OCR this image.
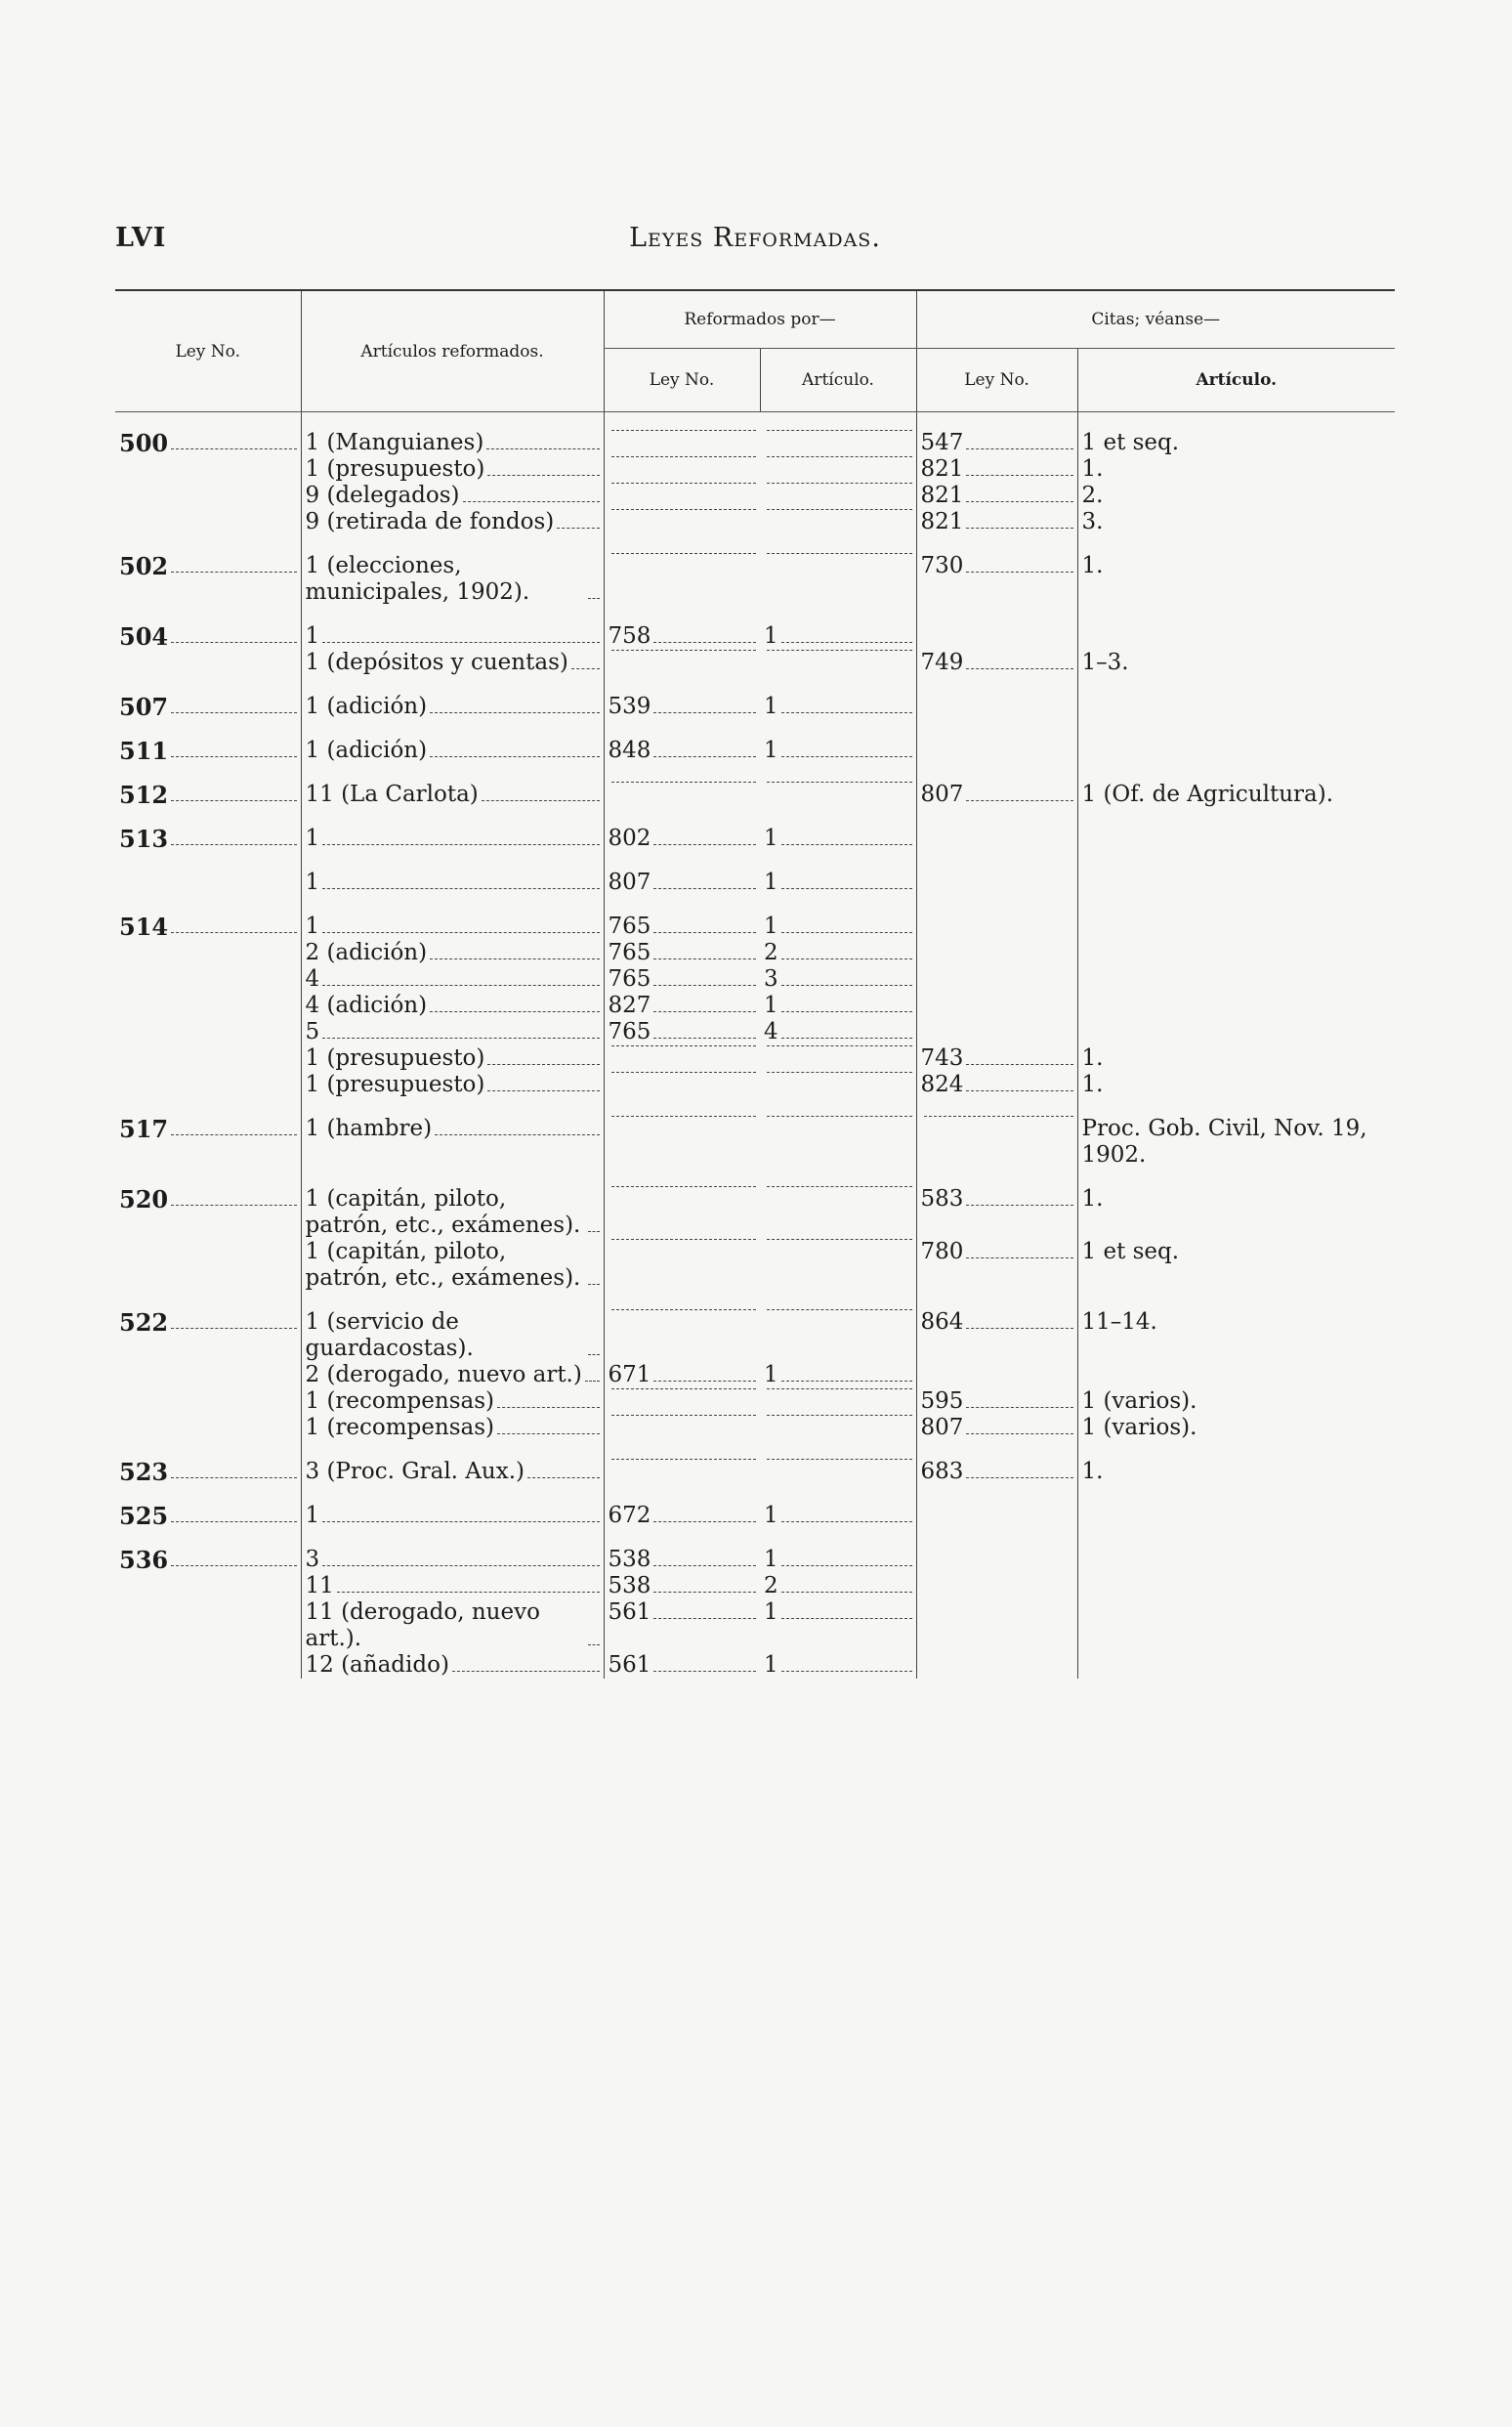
LVI	Leyes Reformadas.
Ley No.	Artículos reformados.	Reformados por—		Citas; véanse—	
		Ley No.	Artículo.	Ley No.	Artículo.

500	1 (Manguianes)			547	1 et seq.

	1 (presupuesto)			821	1.

	9 (delegados)			821	2.

	9 (retirada de fondos)			821	3.

502	1 (elecciones, municipales, 1902).			730	1.

504	1	758	1		

	1 (depósitos y cuentas)			749	1–3.

507	1 (adición)	539	1		

511	1 (adición)	848	1		

512	11 (La Carlota)			807	1 (Of. de Agricultura).

513	1	802	1		

	1	807	1		

514	1	765	1		

	2 (adición)	765	2		

	4	765	3		

	4 (adición)	827	1		

	5	765	4		

	1 (presupuesto)			743	1.

	1 (presupuesto)			824	1.

517	1 (hambre)				Proc. Gob. Civil, Nov. 19, 1902.

520	1 (capitán, piloto, patrón, etc., exámenes).			583	1.

	1 (capitán, piloto, patrón, etc., exámenes).			780	1 et seq.

522	1 (servicio de guardacostas).			864	11–14.

	2 (derogado, nuevo art.)	671	1		

	1 (recompensas)			595	1 (varios).

	1 (recompensas)			807	1 (varios).

523	3 (Proc. Gral. Aux.)			683	1.

525	1	672	1		

536	3	538	1		

	11	538	2		

	11 (derogado, nuevo art.).	561	1		

	12 (añadido)	561	1		
